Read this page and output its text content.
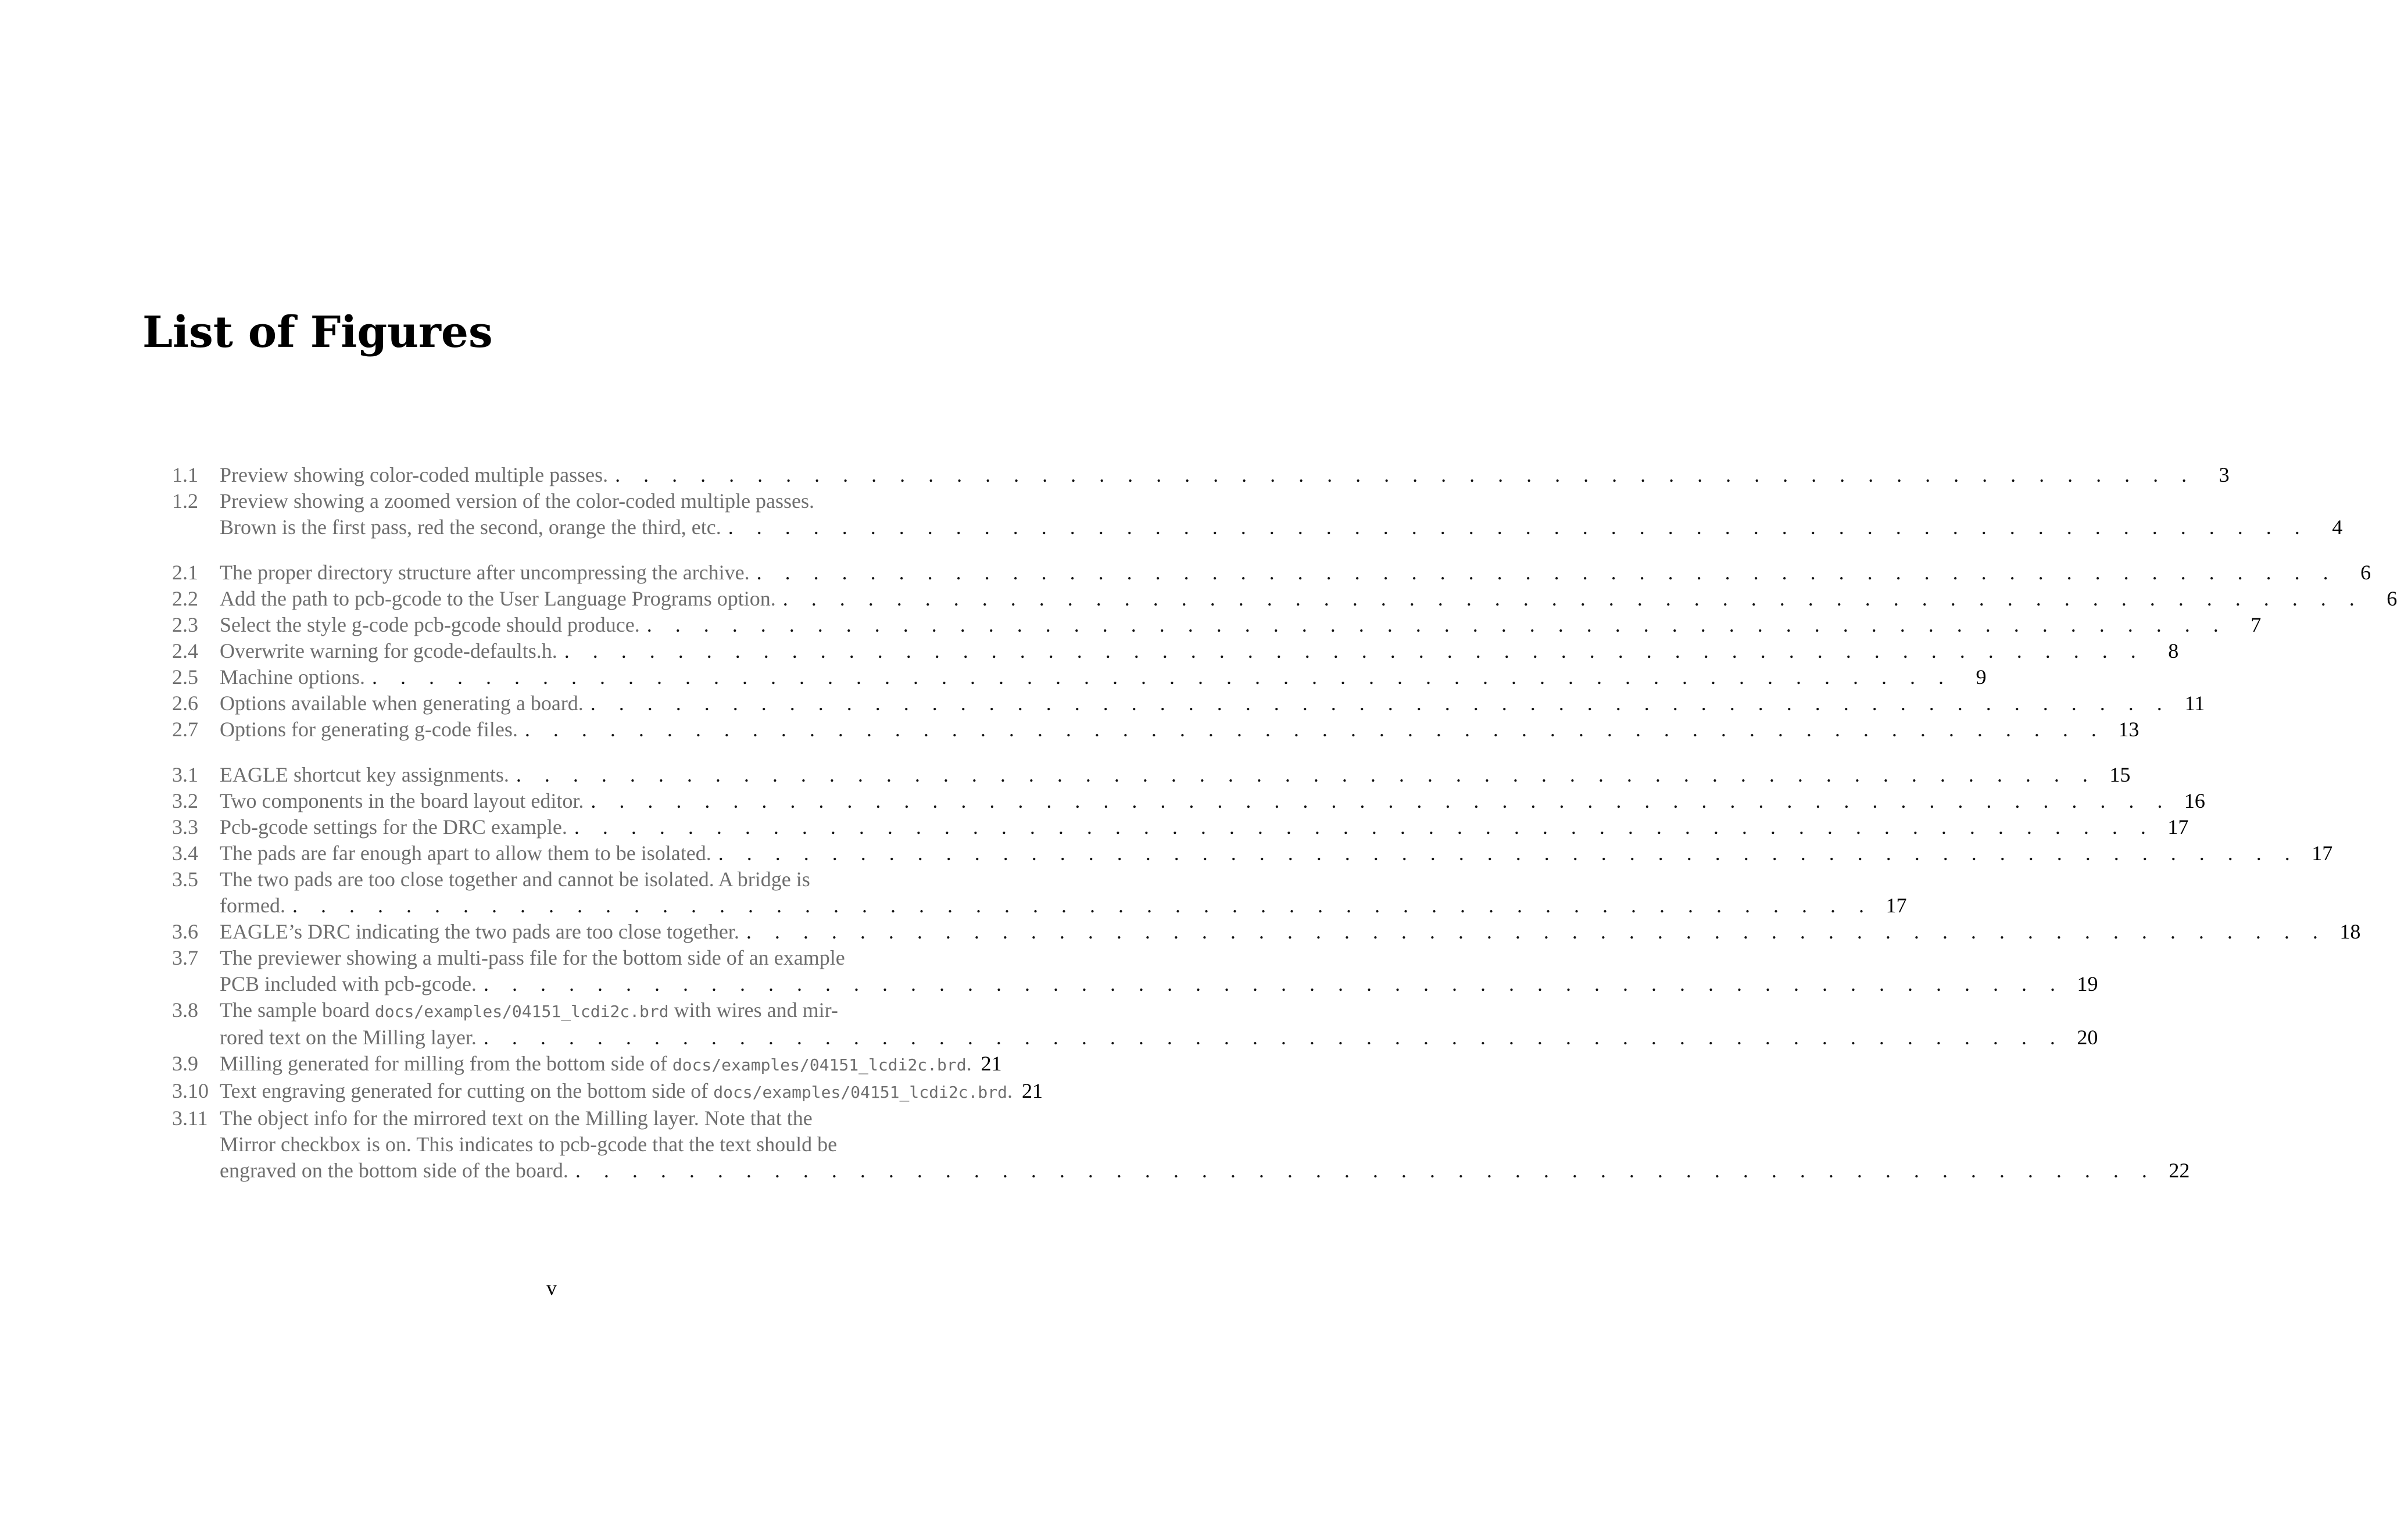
List of Figures
1.1 Preview showing color-coded multiple passes. . . . . . . . . . . . . . . . . . . . . . . . . . . . . . . . . . . . . . . . . . . . . . . . . . . . . . . . .	3
1.2 Preview showing a zoomed version of the color-coded multiple passes.
Brown is the first pass, red the second, orange the third, etc. . . . . . . . . . . . . . . . . . . . . . . . . . . . . . . . . . . . . . . . . . . . . . . . . . . . . . . . .	4
2.1 The proper directory structure after uncompressing the archive. . . . . . . . . . . . . . . . . . . . . . . . . . . . . . . . . . . . . . . . . . . . . . . . . . . . . . . . .	6
2.2 Add the path to pcb-gcode to the User Language Programs option. . . . . . . . . . . . . . . . . . . . . . . . . . . . . . . . . . . . . . . . . . . . . . . . . . . . . . . . .	6
2.3 Select the style g-code pcb-gcode should produce. . . . . . . . . . . . . . . . . . . . . . . . . . . . . . . . . . . . . . . . . . . . . . . . . . . . . . . . .	7
2.4 Overwrite warning for gcode-defaults.h. . . . . . . . . . . . . . . . . . . . . . . . . . . . . . . . . . . . . . . . . . . . . . . . . . . . . . . . .	8
2.5 Machine options. . . . . . . . . . . . . . . . . . . . . . . . . . . . . . . . . . . . . . . . . . . . . . . . . . . . . . . . .	9
2.6 Options available when generating a board. . . . . . . . . . . . . . . . . . . . . . . . . . . . . . . . . . . . . . . . . . . . . . . . . . . . . . . . . 11
2.7 Options for generating g-code files. . . . . . . . . . . . . . . . . . . . . . . . . . . . . . . . . . . . . . . . . . . . . . . . . . . . . . . . . 13
3.1 EAGLE shortcut key assignments. . . . . . . . . . . . . . . . . . . . . . . . . . . . . . . . . . . . . . . . . . . . . . . . . . . . . . . . . 15
3.2 Two components in the board layout editor. . . . . . . . . . . . . . . . . . . . . . . . . . . . . . . . . . . . . . . . . . . . . . . . . . . . . . . . . 16
3.3 Pcb-gcode settings for the DRC example. . . . . . . . . . . . . . . . . . . . . . . . . . . . . . . . . . . . . . . . . . . . . . . . . . . . . . . . . 17
3.4 The pads are far enough apart to allow them to be isolated. . . . . . . . . . . . . . . . . . . . . . . . . . . . . . . . . . . . . . . . . . . . . . . . . . . . . . . . . 17
3.5 The two pads are too close together and cannot be isolated. A bridge is
formed. . . . . . . . . . . . . . . . . . . . . . . . . . . . . . . . . . . . . . . . . . . . . . . . . . . . . . . . . 17
3.6 EAGLE’s DRC indicating the two pads are too close together. . . . . . . . . . . . . . . . . . . . . . . . . . . . . . . . . . . . . . . . . . . . . . . . . . . . . . . . . 18
3.7 The previewer showing a multi-pass file for the bottom side of an example
PCB included with pcb-gcode. . . . . . . . . . . . . . . . . . . . . . . . . . . . . . . . . . . . . . . . . . . . . . . . . . . . . . . . . 19
3.8 The sample board docs/examples/04151_lcdi2c.brd with wires and mir-
rored text on the Milling layer. . . . . . . . . . . . . . . . . . . . . . . . . . . . . . . . . . . . . . . . . . . . . . . . . . . . . . . . . 20
3.9 Milling generated for milling from the bottom side of docs/examples/04151_lcdi2c.brd. 21
3.10 Text engraving generated for cutting on the bottom side of docs/examples/04151_lcdi2c.brd. 21
3.11 The object info for the mirrored text on the Milling layer. Note that the
Mirror checkbox is on. This indicates to pcb-gcode that the text should be
engraved on the bottom side of the board. . . . . . . . . . . . . . . . . . . . . . . . . . . . . . . . . . . . . . . . . . . . . . . . . . . . . . . . . 22
v
